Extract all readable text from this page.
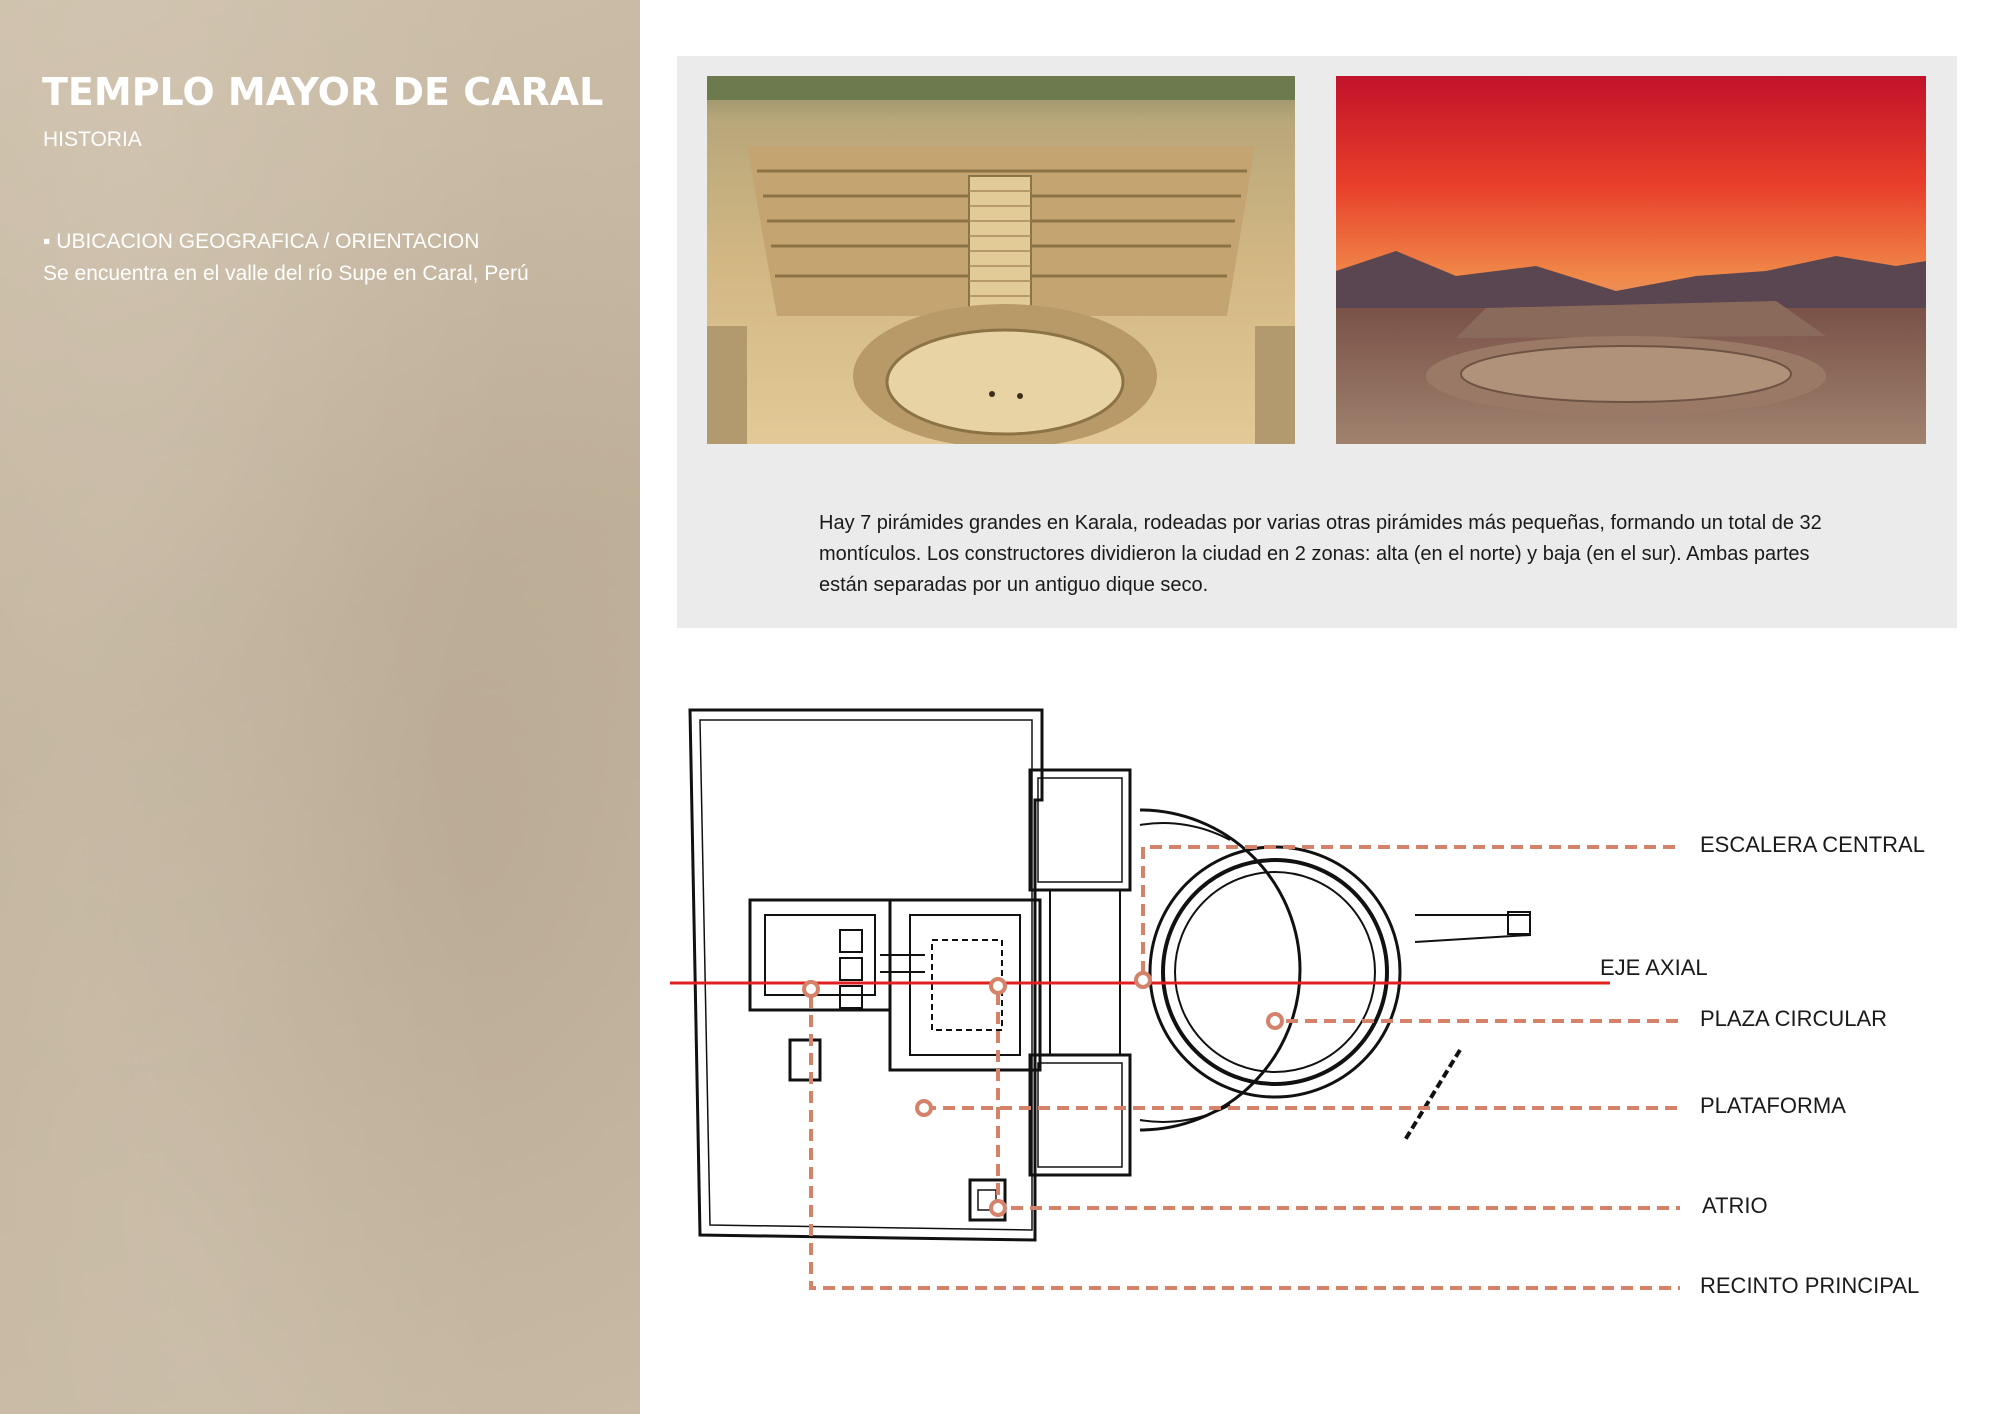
TEMPLO MAYOR DE CARAL
HISTORIA
▪ UBICACION GEOGRAFICA / ORIENTACION
Se encuentra en el valle del río Supe en Caral, Perú

Hay 7 pirámides grandes en Karala, rodeadas por varias otras pirámides más pequeñas, formando un total de 32 montículos. Los constructores dividieron la ciudad en 2 zonas: alta (en el norte) y baja (en el sur). Ambas partes están separadas por un antiguo dique seco.

ESCALERA CENTRAL
EJE AXIAL
PLAZA CIRCULAR
PLATAFORMA
ATRIO
RECINTO PRINCIPAL
